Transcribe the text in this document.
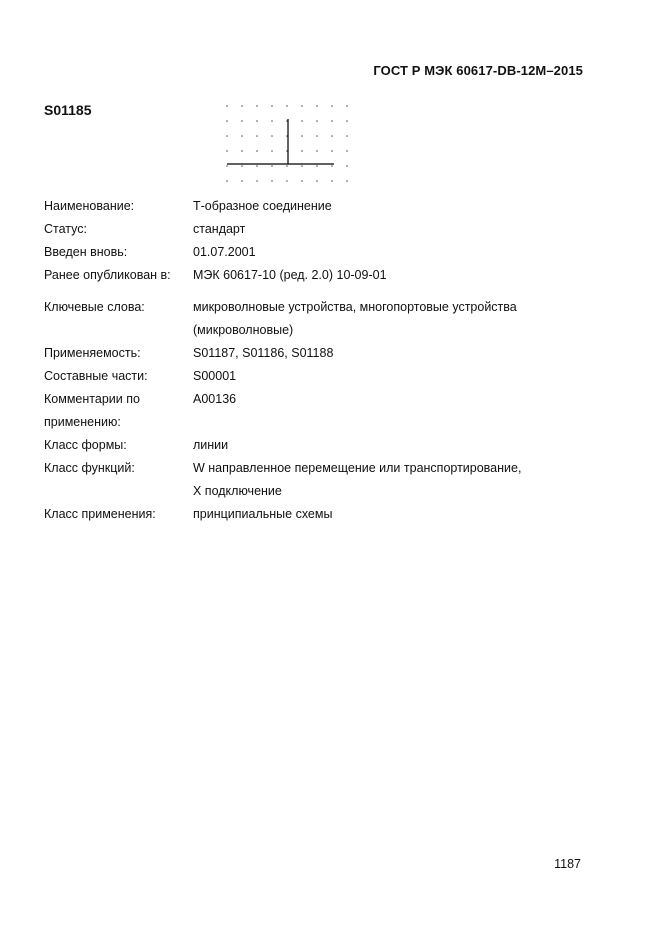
ГОСТ Р МЭК 60617-DB-12M–2015
S01185
Наименование:	Т-образное соединение
Статус:	стандарт
Введен вновь:	01.07.2001
Ранее опубликован в:	МЭК 60617-10 (ред. 2.0) 10-09-01
Ключевые слова:	микроволновые устройства, многопортовые устройства
(микроволновые)
Применяемость:	S01187, S01186, S01188
Составные части:	S00001
Комментарии по
применению:
A00136
Класс формы:	линии
Класс функций:	W направленное перемещение или транспортирование,
X подключение
Класс применения:	принципиальные схемы
1187
